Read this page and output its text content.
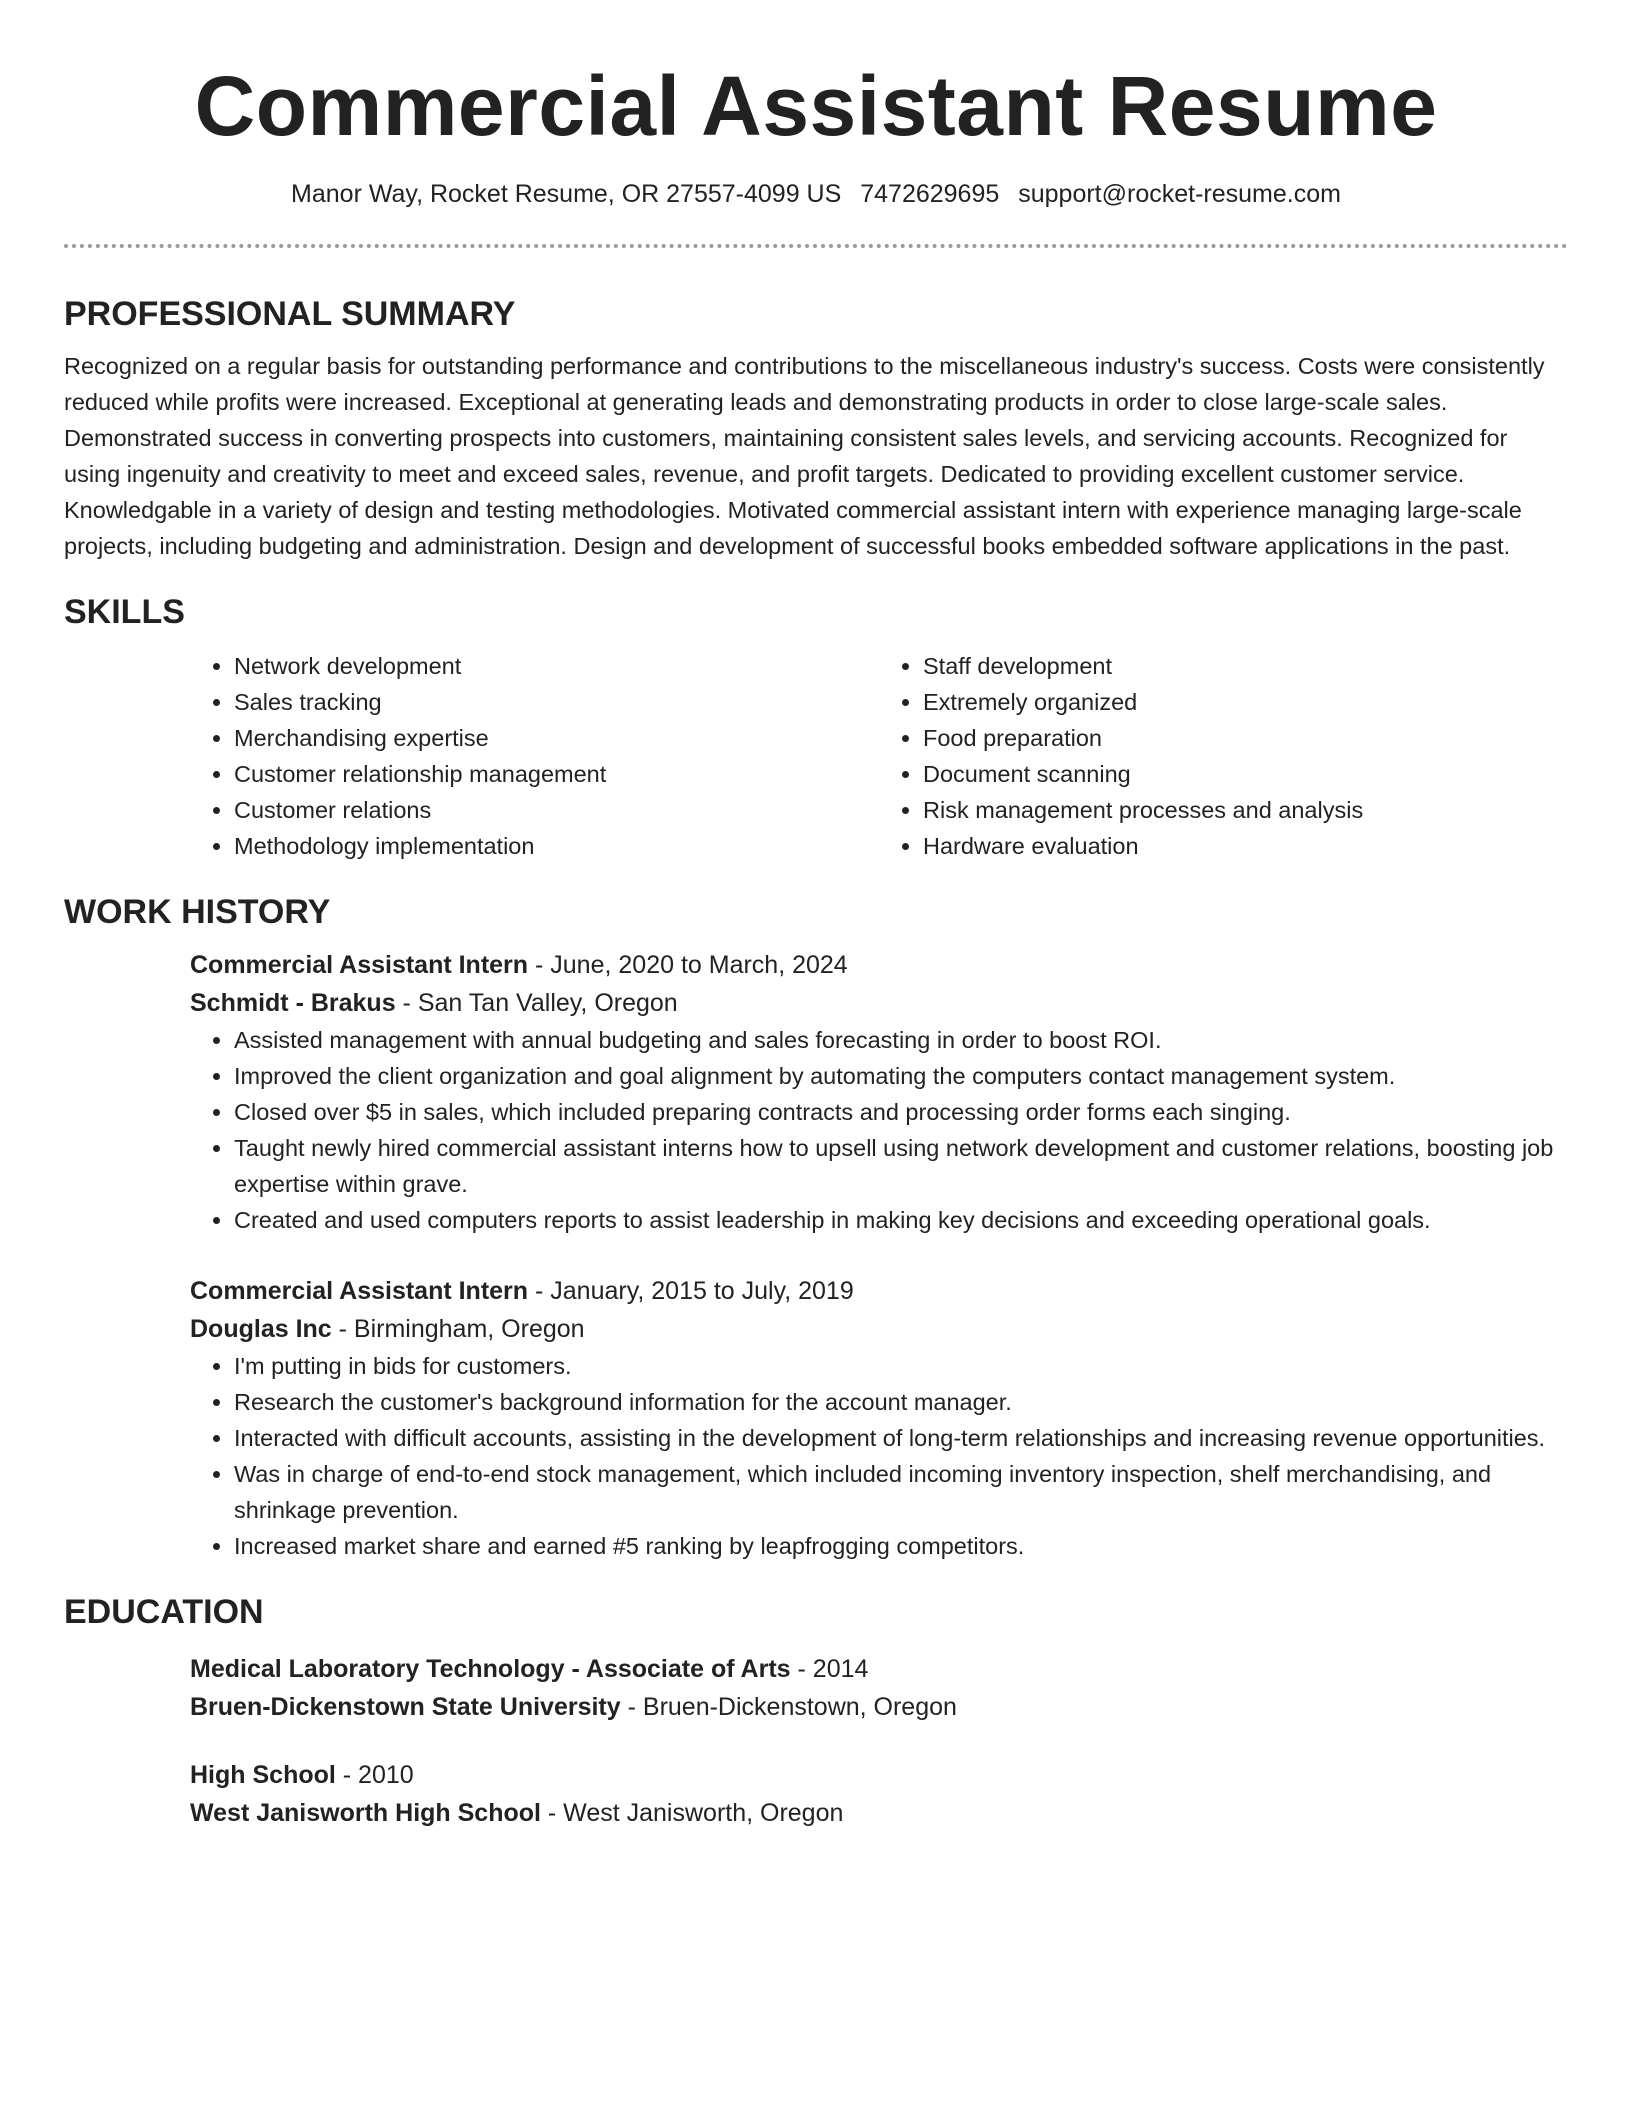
Commercial Assistant Resume
Manor Way, Rocket Resume, OR 27557-4099 US 7472629695 support@rocket-resume.com
PROFESSIONAL SUMMARY

Recognized on a regular basis for outstanding performance and contributions to the miscellaneous industry's success. Costs were consistently reduced while profits were increased. Exceptional at generating leads and demonstrating products in order to close large-scale sales. Demonstrated success in converting prospects into customers, maintaining consistent sales levels, and servicing accounts. Recognized for using ingenuity and creativity to meet and exceed sales, revenue, and profit targets. Dedicated to providing excellent customer service. Knowledgable in a variety of design and testing methodologies. Motivated commercial assistant intern with experience managing large-scale projects, including budgeting and administration. Design and development of successful books embedded software applications in the past.

SKILLS
• Network development
• Sales tracking
• Merchandising expertise
• Customer relationship management
• Customer relations
• Methodology implementation
• Staff development
• Extremely organized
• Food preparation
• Document scanning
• Risk management processes and analysis
• Hardware evaluation
WORK HISTORY
Commercial Assistant Intern - June, 2020 to March, 2024
Schmidt - Brakus - San Tan Valley, Oregon
• Assisted management with annual budgeting and sales forecasting in order to boost ROI.
• Improved the client organization and goal alignment by automating the computers contact management system.
• Closed over $5 in sales, which included preparing contracts and processing order forms each singing.
• Taught newly hired commercial assistant interns how to upsell using network development and customer relations, boosting job expertise within grave.
• Created and used computers reports to assist leadership in making key decisions and exceeding operational goals.
Commercial Assistant Intern - January, 2015 to July, 2019
Douglas Inc - Birmingham, Oregon
• I'm putting in bids for customers.
• Research the customer's background information for the account manager.
• Interacted with difficult accounts, assisting in the development of long-term relationships and increasing revenue opportunities.
• Was in charge of end-to-end stock management, which included incoming inventory inspection, shelf merchandising, and shrinkage prevention.
• Increased market share and earned #5 ranking by leapfrogging competitors.
EDUCATION
Medical Laboratory Technology - Associate of Arts - 2014
Bruen-Dickenstown State University - Bruen-Dickenstown, Oregon
High School - 2010
West Janisworth High School - West Janisworth, Oregon
